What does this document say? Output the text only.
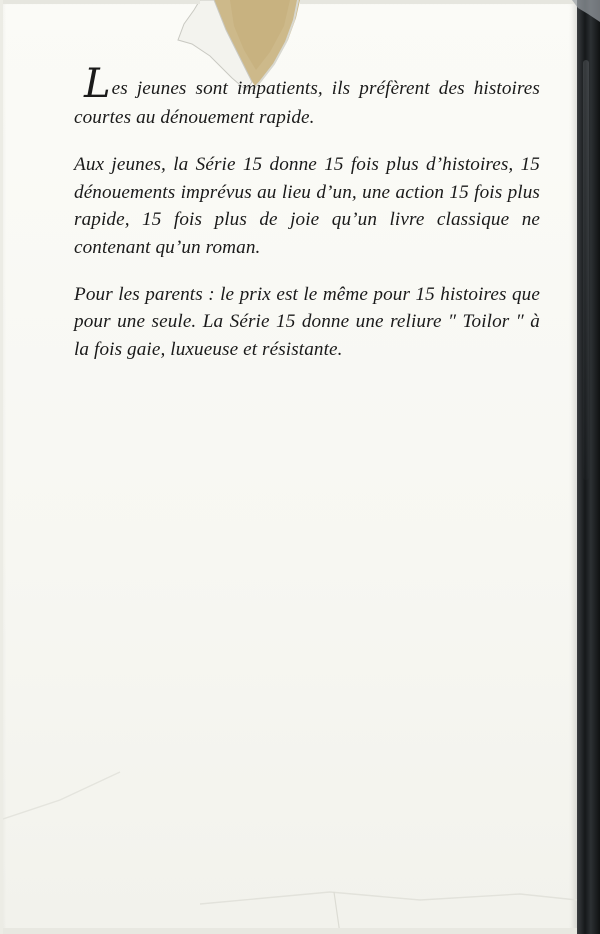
Les jeunes sont impatients, ils préfèrent des histoires courtes au dénouement rapide.

Aux jeunes, la Série 15 donne 15 fois plus d’histoires, 15 dénouements imprévus au lieu d’un, une action 15 fois plus rapide, 15 fois plus de joie qu’un livre classique ne contenant qu’un roman.

Pour les parents : le prix est le même pour 15 histoires que pour une seule. La Série 15 donne une reliure ″ Toilor ″ à la fois gaie, luxueuse et résistante.
